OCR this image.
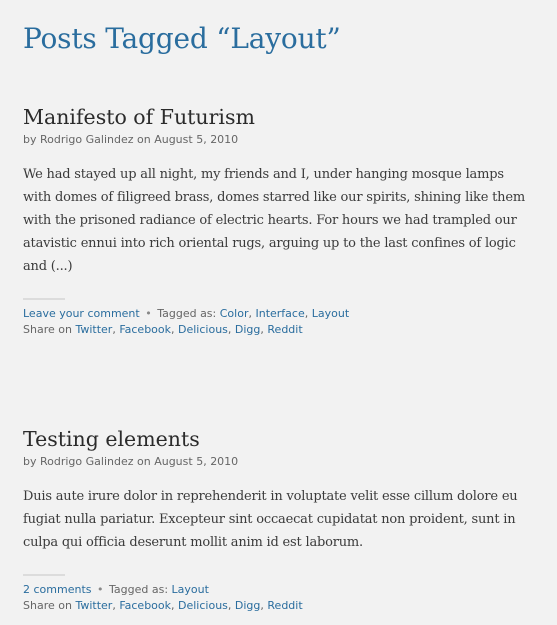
Posts Tagged “Layout”
Manifesto of Futurism
by Rodrigo Galindez on August 5, 2010

We had stayed up all night, my friends and I, under hanging mosque lamps with domes of filigreed brass, domes starred like our spirits, shining like them with the prisoned radiance of electric hearts. For hours we had trampled our atavistic ennui into rich oriental rugs, arguing up to the last confines of logic and (...)

Leave your comment • Tagged as: Color, Interface, Layout
Share on Twitter, Facebook, Delicious, Digg, Reddit
Testing elements
by Rodrigo Galindez on August 5, 2010

Duis aute irure dolor in reprehenderit in voluptate velit esse cillum dolore eu fugiat nulla pariatur. Excepteur sint occaecat cupidatat non proident, sunt in culpa qui officia deserunt mollit anim id est laborum.

2 comments • Tagged as: Layout
Share on Twitter, Facebook, Delicious, Digg, Reddit
